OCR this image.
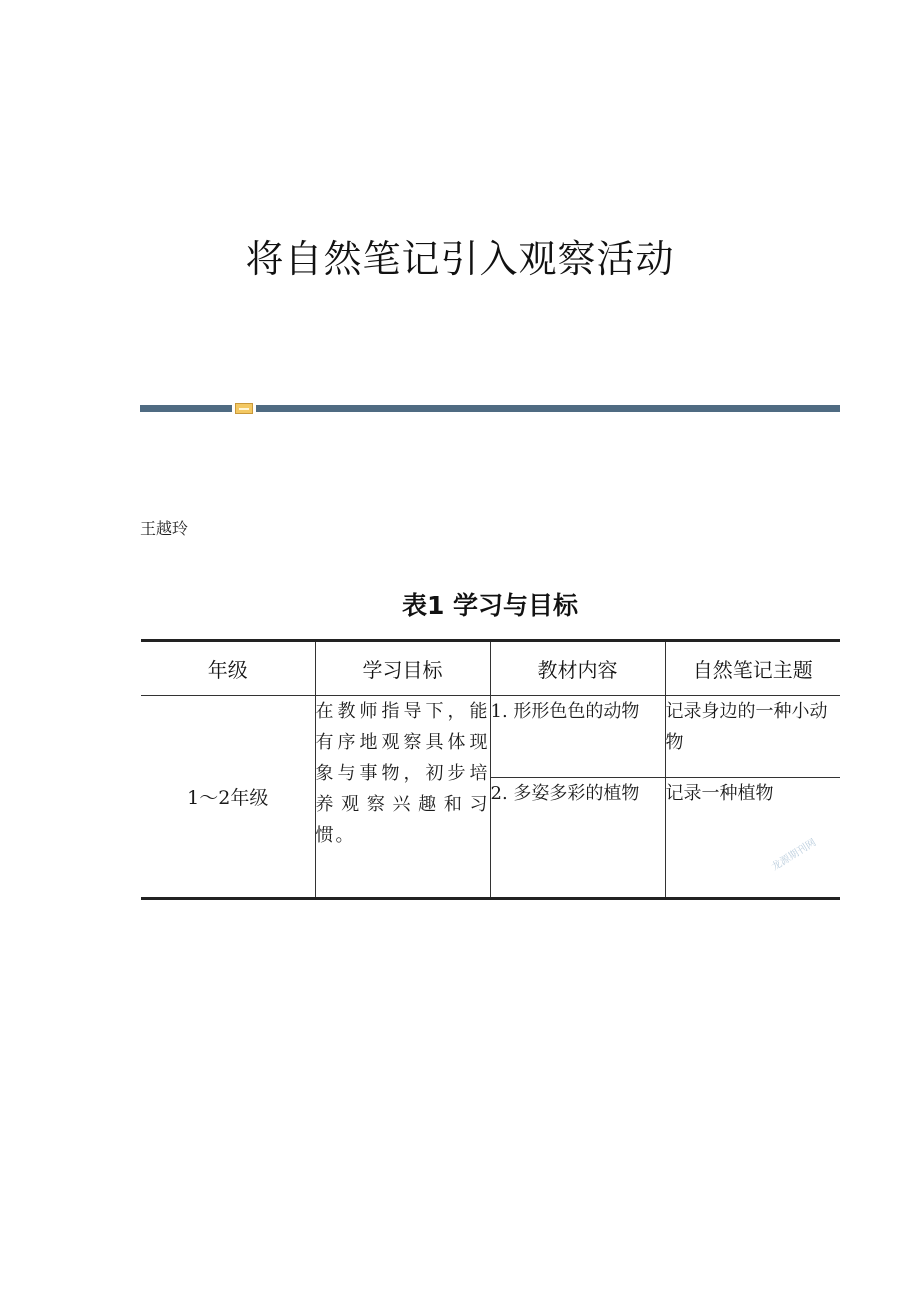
将自然笔记引入观察活动
王越玲
表1 学习与目标
年级	学习目标	教材内容	自然笔记主题
1～2年级	在教师指导下，能有序地观察具体现象与事物，初步培养观察兴趣和习惯。	1. 形形色色的动物	记录身边的一种小动物
		2. 多姿多彩的植物	记录一种植物
龙源期刊网
